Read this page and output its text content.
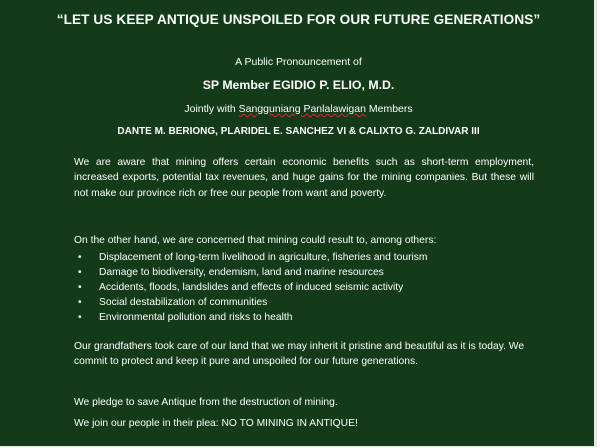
“LET US KEEP ANTIQUE UNSPOILED FOR OUR FUTURE GENERATIONS”
A Public Pronouncement of
SP Member EGIDIO P. ELIO, M.D.
Jointly with Sangguniang Panlalawigan Members
DANTE M. BERIONG, PLARIDEL E. SANCHEZ VI & CALIXTO G. ZALDIVAR III
We are aware that mining offers certain economic benefits such as short-term employment, increased exports, potential tax revenues, and huge gains for the mining companies. But these will not make our province rich or free our people from want and poverty.
On the other hand, we are concerned that mining could result to, among others:
• Displacement of long-term livelihood in agriculture, fisheries and tourism
• Damage to biodiversity, endemism, land and marine resources
• Accidents, floods, landslides and effects of induced seismic activity
• Social destabilization of communities
• Environmental pollution and risks to health
Our grandfathers took care of our land that we may inherit it pristine and beautiful as it is today. We commit to protect and keep it pure and unspoiled for our future generations.
We pledge to save Antique from the destruction of mining.
We join our people in their plea: NO TO MINING IN ANTIQUE!
